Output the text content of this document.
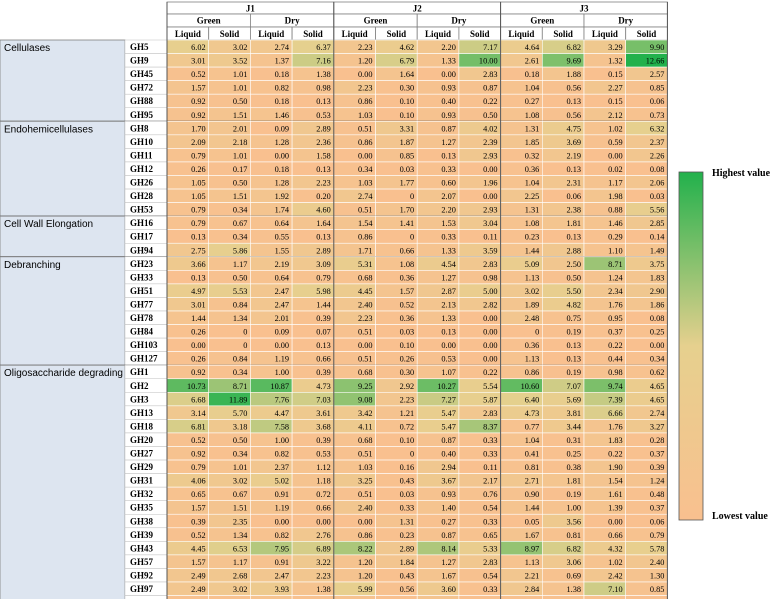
J1
Green
Liquid Solid
Dry
Liquid Solid
J2
Green
Liquid Solid
Dry
Liquid Solid
J3
Green
Liquid Solid
Dry
Liquid Solid
Cellulases	GH5	6.02	3.02	2.74	6.37	2.23	4.62	2.20	7.17	4.64	6.82	3.29	9.90
GH9	3.01	3.52	1.37	7.16	1.20	6.79	1.33	10.00	2.61	9.69	1.32	12.66
GH45	0.52	1.01	0.18	1.38	0.00	1.64	0.00	2.83	0.18	1.88	0.15	2.57
GH72	1.57	1.01	0.82	0.98	2.23	0.30	0.93	0.87	1.04	0.56	2.27	0.85
GH88	0.92	0.50	0.18	0.13	0.86	0.10	0.40	0.22	0.27	0.13	0.15	0.06
GH95	0.92	1.51	1.46	0.53	1.03	0.10	0.93	0.50	1.08	0.56	2.12	0.73
Endohemicellulases	GH8	1.70	2.01	0.09	2.89	0.51	3.31	0.87	4.02	1.31	4.75	1.02	6.32
GH10	2.09	2.18	1.28	2.36	0.86	1.87	1.27	2.39	1.85	3.69	0.59	2.37
GH11	0.79	1.01	0.00	1.58	0.00	0.85	0.13	2.93	0.32	2.19	0.00	2.26
GH12	0.26	0.17	0.18	0.13	0.34	0.03	0.33	0.00	0.36	0.13	0.02	0.08
GH26	1.05	0.50	1.28	2.23	1.03	1.77	0.60	1.96	1.04	2.31	1.17	2.06
GH28	1.05	1.51	1.92	0.20	2.74	0	2.07	0.00	2.25	0.06	1.98	0.03
GH53	0.79	0.34	1.74	4.60	0.51	1.70	2.20	2.93	1.31	2.38	0.88	5.56
Cell Wall Elongation	GH16	0.79	0.67	0.64	1.64	1.54	1.41	1.53	3.04	1.08	1.81	1.46	2.85
GH17	0.13	0.34	0.55	0.13	0.86	0	0.33	0.11	0.23	0.13	0.29	0.14
GH94	2.75	5.86	1.55	2.89	1.71	0.66	1.33	3.59	1.44	2.88	1.10	1.49
Debranching	GH23	3.66	1.17	2.19	3.09	5.31	1.08	4.54	2.83	5.09	2.50	8.71	3.75
GH33	0.13	0.50	0.64	0.79	0.68	0.36	1.27	0.98	1.13	0.50	1.24	1.83
GH51	4.97	5.53	2.47	5.98	4.45	1.57	2.87	5.00	3.02	5.50	2.34	2.90
GH77	3.01	0.84	2.47	1.44	2.40	0.52	2.13	2.82	1.89	4.82	1.76	1.86
GH78	1.44	1.34	2.01	0.39	2.23	0.36	1.33	0.00	2.48	0.75	0.95	0.08
GH84	0.26	0	0.09	0.07	0.51	0.03	0.13	0.00	0	0.19	0.37	0.25
GH103	0.00	0	0.00	0.13	0.00	0.10	0.00	0.00	0.36	0.13	0.22	0.00
GH127	0.26	0.84	1.19	0.66	0.51	0.26	0.53	0.00	1.13	0.13	0.44	0.34
Oligosaccharide degrading GH1	0.92	0.34	1.00	0.39	0.68	0.30	1.07	0.22	0.86	0.19	0.98	0.62
GH2	10.73	8.71	10.87	4.73	9.25	2.92	10.27	5.54	10.60	7.07	9.74	4.65
GH3	6.68	11.89	7.76	7.03	9.08	2.23	7.27	5.87	6.40	5.69	7.39	4.65
GH13	3.14	5.70	4.47	3.61	3.42	1.21	5.47	2.83	4.73	3.81	6.66	2.74
GH18	6.81	3.18	7.58	3.68	4.11	0.72	5.47	8.37	0.77	3.44	1.76	3.27
GH20	0.52	0.50	1.00	0.39	0.68	0.10	0.87	0.33	1.04	0.31	1.83	0.28
GH27	0.92	0.34	0.82	0.53	0.51	0	0.40	0.33	0.41	0.25	0.22	0.37
GH29	0.79	1.01	2.37	1.12	1.03	0.16	2.94	0.11	0.81	0.38	1.90	0.39
GH31	4.06	3.02	5.02	1.18	3.25	0.43	3.67	2.17	2.71	1.81	1.54	1.24
GH32	0.65	0.67	0.91	0.72	0.51	0.03	0.93	0.76	0.90	0.19	1.61	0.48
GH35	1.57	1.51	1.19	0.66	2.40	0.33	1.40	0.54	1.44	1.00	1.39	0.37
GH38	0.39	2.35	0.00	0.00	0.00	1.31	0.27	0.33	0.05	3.56	0.00	0.06
GH39	0.52	1.34	0.82	2.76	0.86	0.23	0.87	0.65	1.67	0.81	0.66	0.79
GH43	4.45	6.53	7.95	6.89	8.22	2.89	8.14	5.33	8.97	6.82	4.32	5.78
GH57	1.57	1.17	0.91	3.22	1.20	1.84	1.27	2.83	1.13	3.06	1.02	2.40
GH92	2.49	2.68	2.47	2.23	1.20	0.43	1.67	0.54	2.21	0.69	2.42	1.30
GH97	2.49	3.02	3.93	1.38	5.99	0.56	3.60	0.33	2.84	1.38	7.10	0.85
Highest value
Lowest value
